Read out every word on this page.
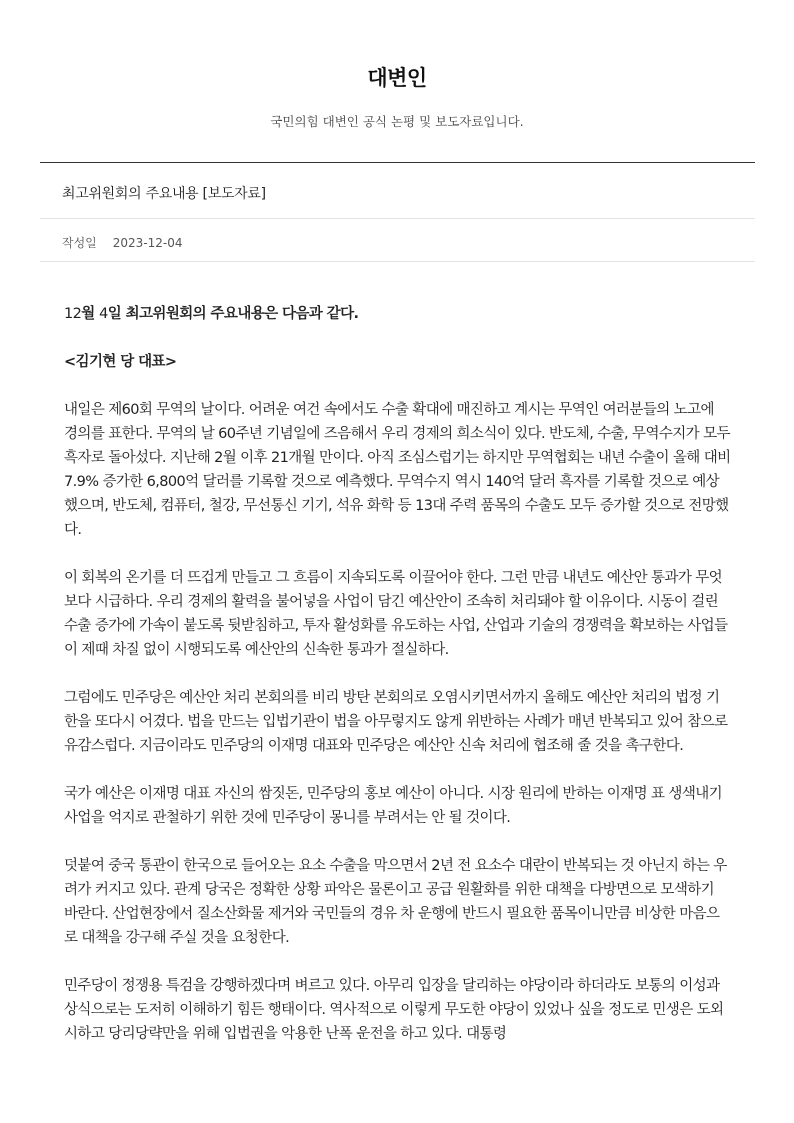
대변인
국민의힘 대변인 공식 논평 및 보도자료입니다.
최고위원회의 주요내용 [보도자료]
작성일 2023-12-04

12월 4일 최고위원회의 주요내용은 다음과 같다.

<김기현 당 대표>

내일은 제60회 무역의 날이다. 어려운 여건 속에서도 수출 확대에 매진하고 계시는 무역인 여러분들의 노고에 경의를 표한다. 무역의 날 60주년 기념일에 즈음해서 우리 경제의 희소식이 있다. 반도체, 수출, 무역수지가 모두 흑자로 돌아섰다. 지난해 2월 이후 21개월 만이다. 아직 조심스럽기는 하지만 무역협회는 내년 수출이 올해 대비 7.9% 증가한 6,800억 달러를 기록할 것으로 예측했다. 무역수지 역시 140억 달러 흑자를 기록할 것으로 예상했으며, 반도체, 컴퓨터, 철강, 무선통신 기기, 석유 화학 등 13대 주력 품목의 수출도 모두 증가할 것으로 전망했다.

이 회복의 온기를 더 뜨겁게 만들고 그 흐름이 지속되도록 이끌어야 한다. 그런 만큼 내년도 예산안 통과가 무엇보다 시급하다. 우리 경제의 활력을 불어넣을 사업이 담긴 예산안이 조속히 처리돼야 할 이유이다. 시동이 걸린 수출 증가에 가속이 붙도록 뒷받침하고, 투자 활성화를 유도하는 사업, 산업과 기술의 경쟁력을 확보하는 사업들이 제때 차질 없이 시행되도록 예산안의 신속한 통과가 절실하다.

그럼에도 민주당은 예산안 처리 본회의를 비리 방탄 본회의로 오염시키면서까지 올해도 예산안 처리의 법정 기한을 또다시 어겼다. 법을 만드는 입법기관이 법을 아무렇지도 않게 위반하는 사례가 매년 반복되고 있어 참으로 유감스럽다. 지금이라도 민주당의 이재명 대표와 민주당은 예산안 신속 처리에 협조해 줄 것을 촉구한다.

국가 예산은 이재명 대표 자신의 쌈짓돈, 민주당의 홍보 예산이 아니다. 시장 원리에 반하는 이재명 표 생색내기 사업을 억지로 관철하기 위한 것에 민주당이 몽니를 부려서는 안 될 것이다.

덧붙여 중국 통관이 한국으로 들어오는 요소 수출을 막으면서 2년 전 요소수 대란이 반복되는 것 아닌지 하는 우려가 커지고 있다. 관계 당국은 정확한 상황 파악은 물론이고 공급 원활화를 위한 대책을 다방면으로 모색하기 바란다. 산업현장에서 질소산화물 제거와 국민들의 경유 차 운행에 반드시 필요한 품목이니만큼 비상한 마음으로 대책을 강구해 주실 것을 요청한다.

민주당이 정쟁용 특검을 강행하겠다며 벼르고 있다. 아무리 입장을 달리하는 야당이라 하더라도 보통의 이성과 상식으로는 도저히 이해하기 힘든 행태이다. 역사적으로 이렇게 무도한 야당이 있었나 싶을 정도로 민생은 도외시하고 당리당략만을 위해 입법권을 악용한 난폭 운전을 하고 있다. 대통령
